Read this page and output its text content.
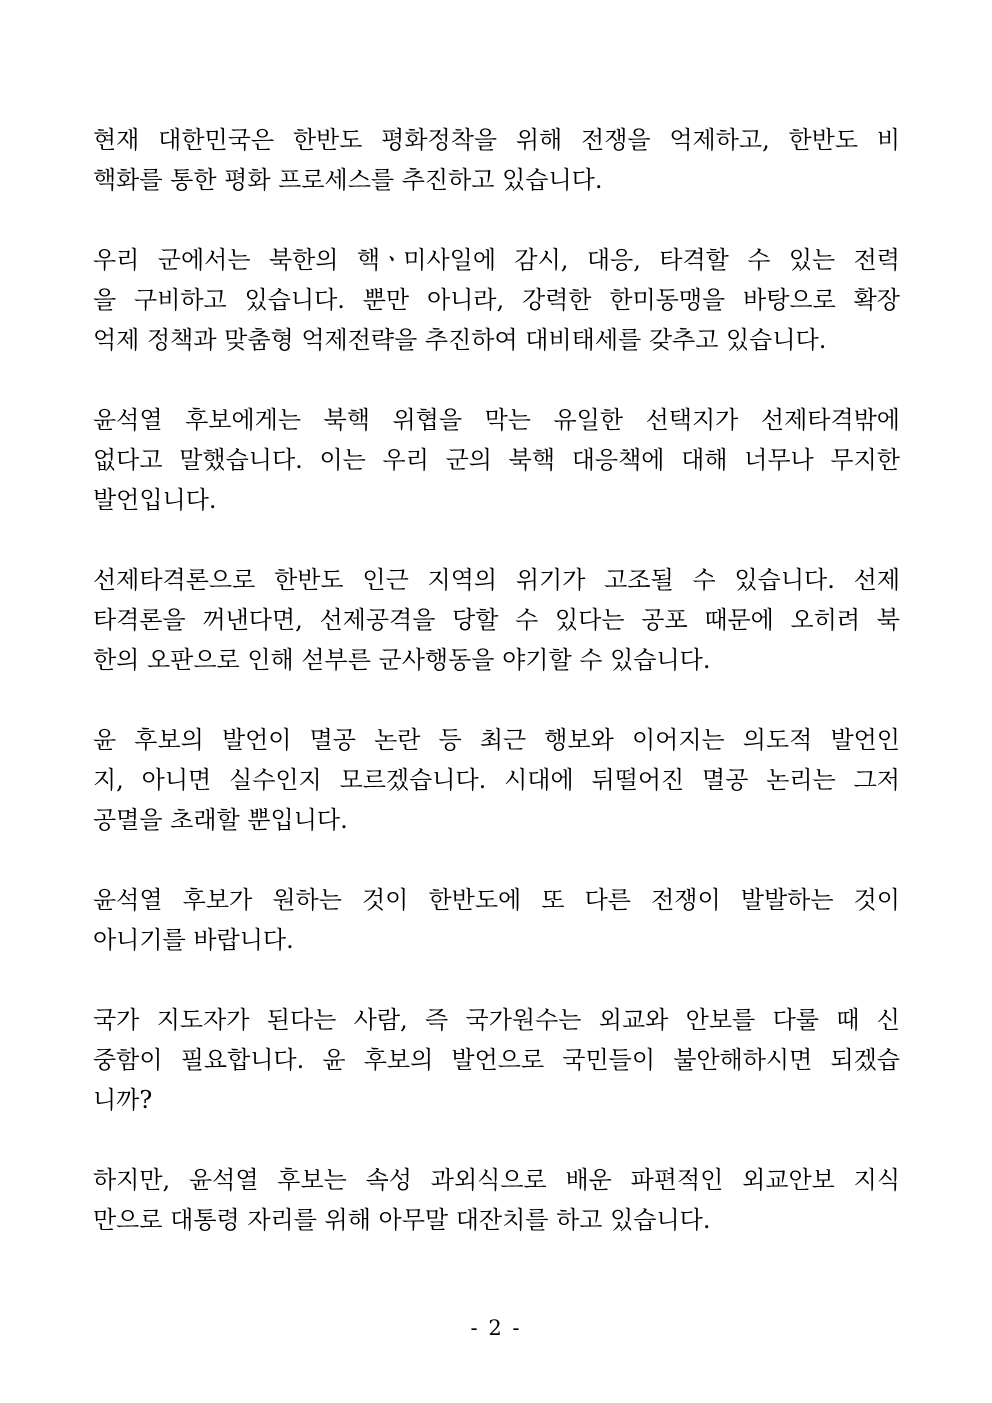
현재 대한민국은 한반도 평화정착을 위해 전쟁을 억제하고, 한반도 비
핵화를 통한 평화 프로세스를 추진하고 있습니다.
우리 군에서는 북한의 핵ㆍ미사일에 감시, 대응, 타격할 수 있는 전력
을 구비하고 있습니다. 뿐만 아니라, 강력한 한미동맹을 바탕으로 확장
억제 정책과 맞춤형 억제전략을 추진하여 대비태세를 갖추고 있습니다.
윤석열 후보에게는 북핵 위협을 막는 유일한 선택지가 선제타격밖에
없다고 말했습니다. 이는 우리 군의 북핵 대응책에 대해 너무나 무지한
발언입니다.
선제타격론으로 한반도 인근 지역의 위기가 고조될 수 있습니다. 선제
타격론을 꺼낸다면, 선제공격을 당할 수 있다는 공포 때문에 오히려 북
한의 오판으로 인해 섣부른 군사행동을 야기할 수 있습니다.
윤 후보의 발언이 멸공 논란 등 최근 행보와 이어지는 의도적 발언인
지, 아니면 실수인지 모르겠습니다. 시대에 뒤떨어진 멸공 논리는 그저
공멸을 초래할 뿐입니다.
윤석열 후보가 원하는 것이 한반도에 또 다른 전쟁이 발발하는 것이
아니기를 바랍니다.
국가 지도자가 된다는 사람, 즉 국가원수는 외교와 안보를 다룰 때 신
중함이 필요합니다. 윤 후보의 발언으로 국민들이 불안해하시면 되겠습
니까?
하지만, 윤석열 후보는 속성 과외식으로 배운 파편적인 외교안보 지식
만으로 대통령 자리를 위해 아무말 대잔치를 하고 있습니다.
- 2 -
